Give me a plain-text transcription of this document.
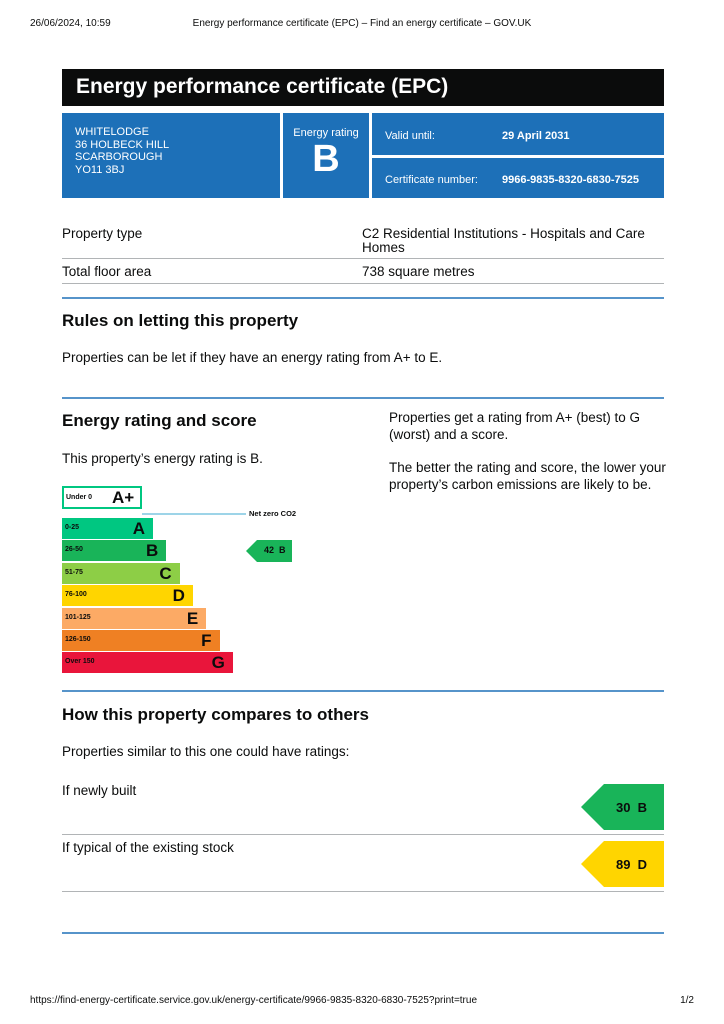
26/06/2024, 10:59	Energy performance certificate (EPC) – Find an energy certificate – GOV.UK
Energy performance certificate (EPC)
WHITELODGE
36 HOLBECK HILL
SCARBOROUGH
YO11 3BJ
Energy rating
B
Valid until:	29 April 2031
Certificate number: 9966-9835-8320-6830-7525
Property type	C2 Residential Institutions - Hospitals and Care Homes
Total floor area	738 square metres
Rules on letting this property
Properties can be let if they have an energy rating from A+ to E.
Energy rating and score
This property’s energy rating is B.
Properties get a rating from A+ (best) to G (worst) and a score.
The better the rating and score, the lower your property’s carbon emissions are likely to be.
Under 0 A+
Net zero CO2
0-25	A
26-50	B
51-75	C
76-100	D
101-125	E
126-150	F
Over 150	G
42  B
How this property compares to others
Properties similar to this one could have ratings:
If newly built
30  B
If typical of the existing stock
89  D
https://find-energy-certificate.service.gov.uk/energy-certificate/9966-9835-8320-6830-7525?print=true	1/2
